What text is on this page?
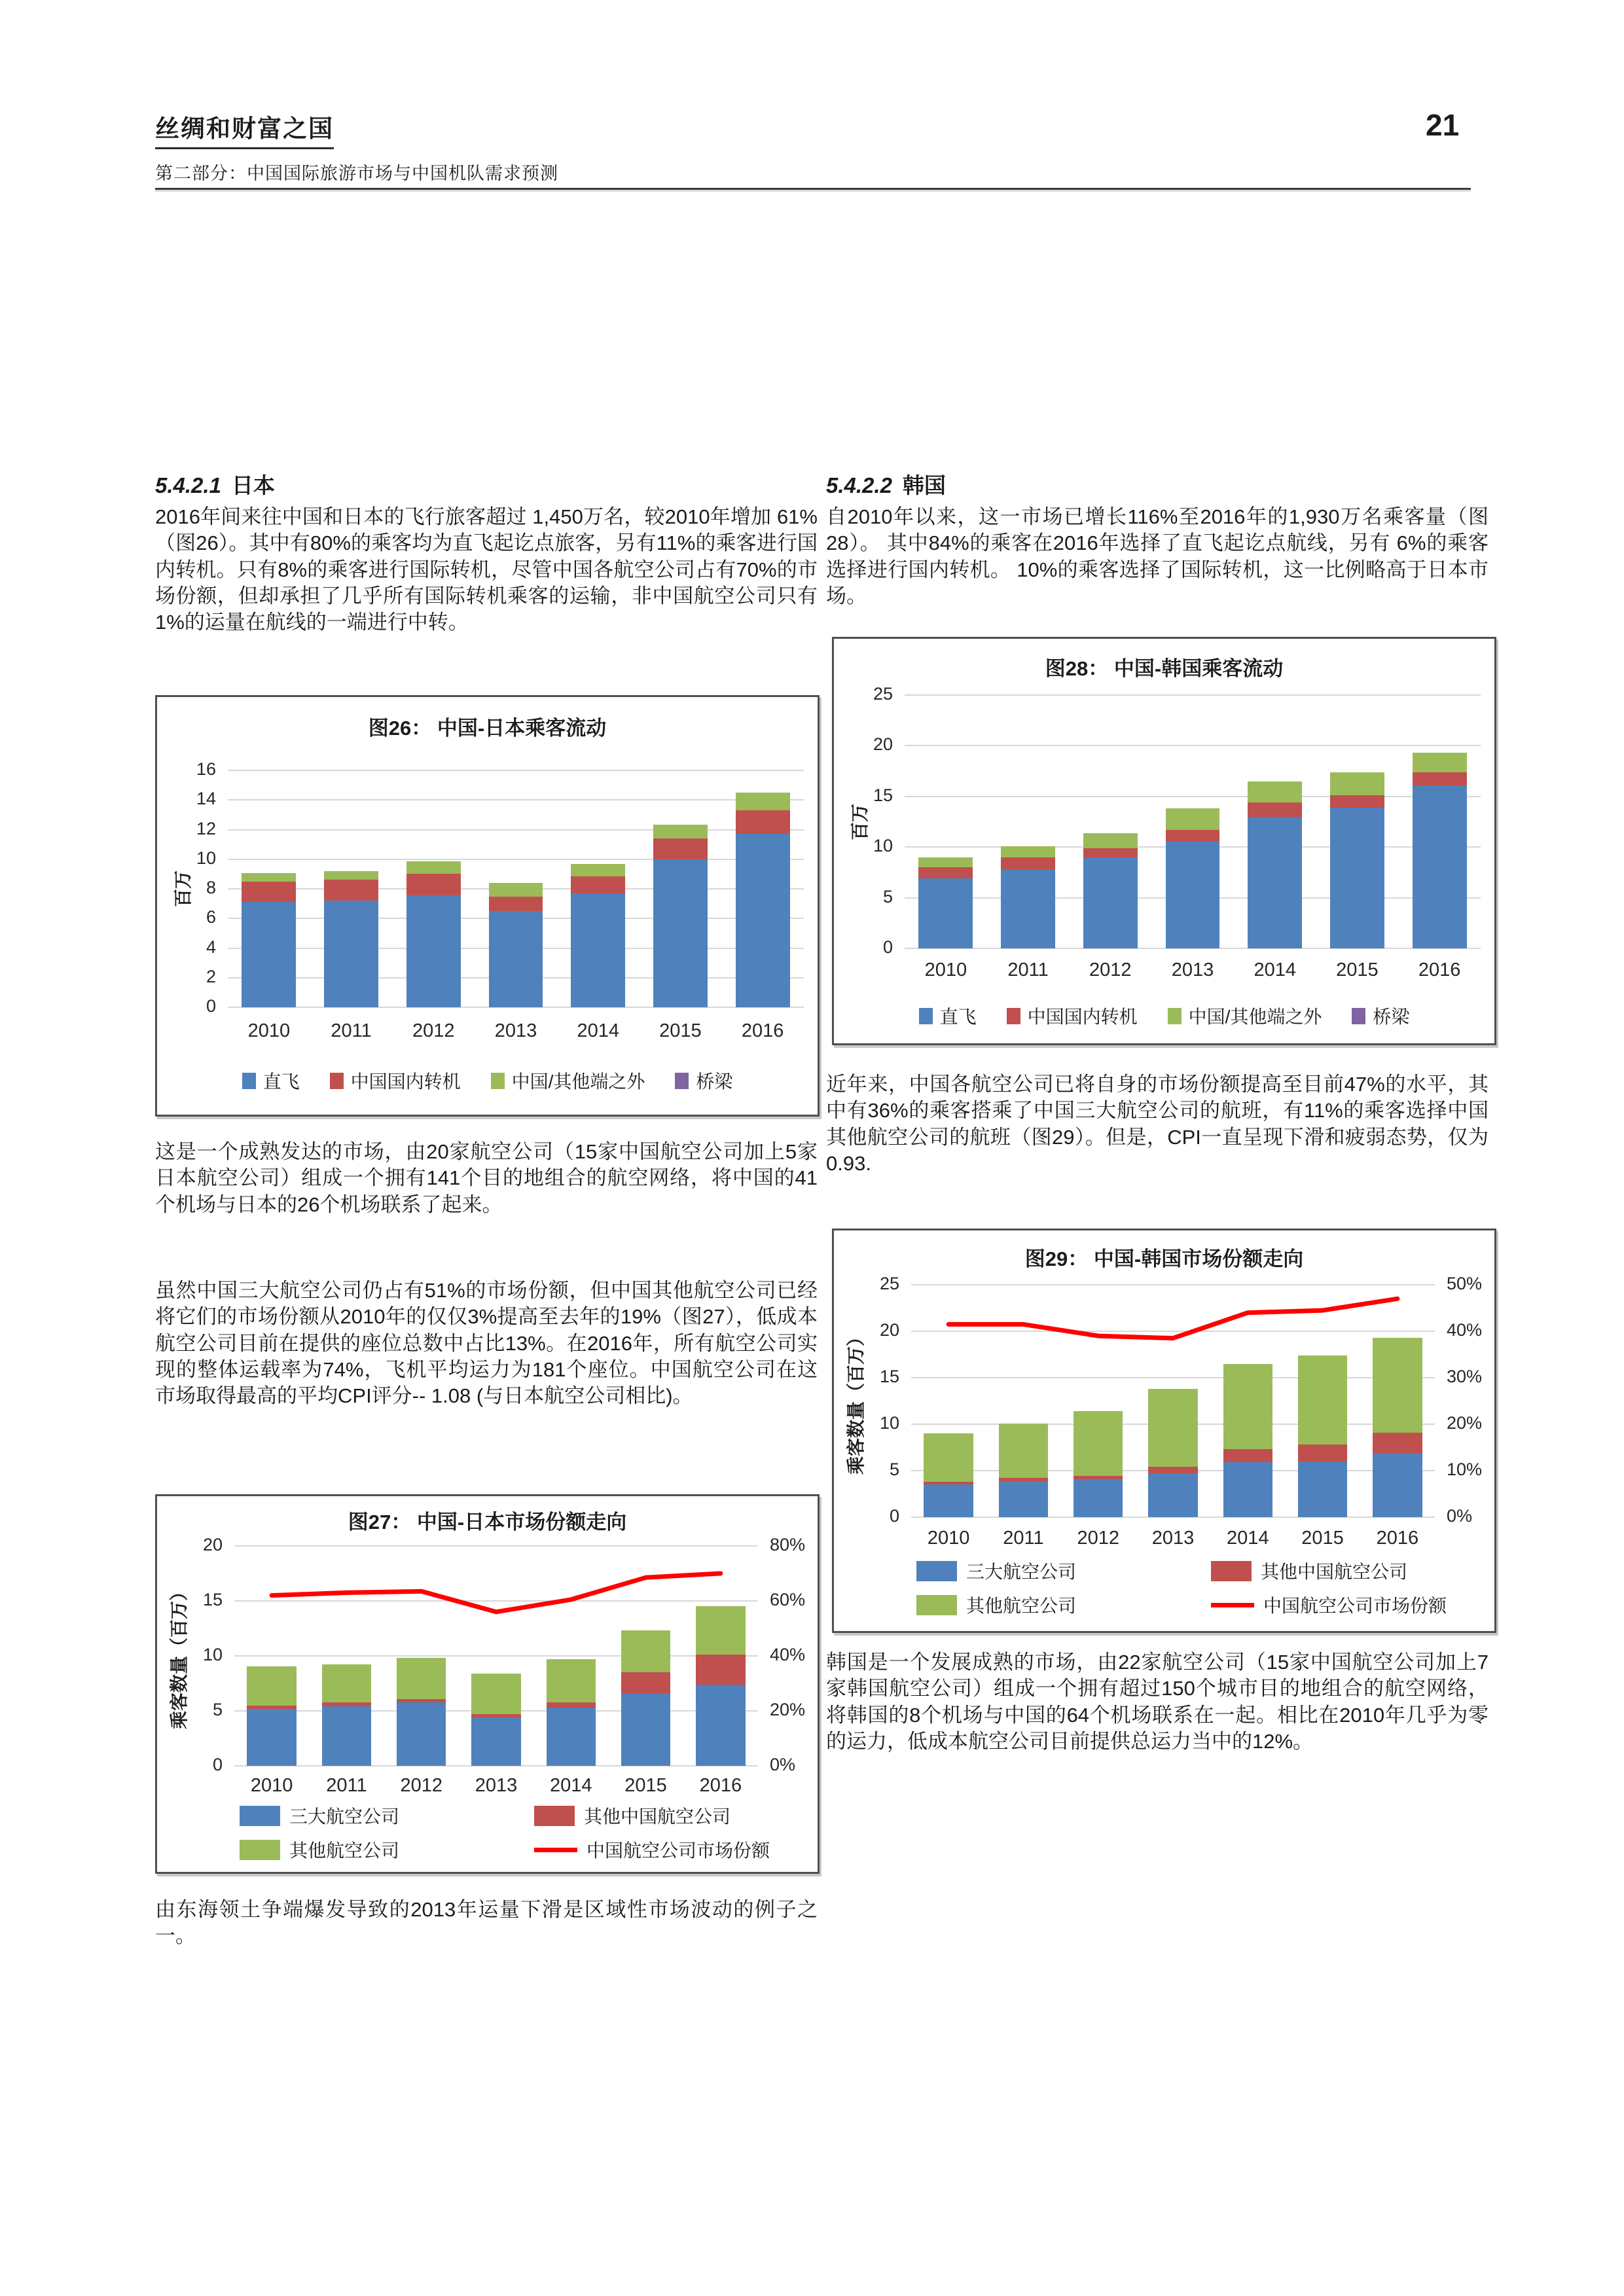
丝绸和财富之国	21
第二部分：中国国际旅游市场与中国机队需求预测
5.4.2.1 日本
2016年间来往中国和日本的飞行旅客超过 1,450万名，较2010年增加 61%（图26）。其中有80%的乘客均为直飞起讫点旅客，另有11%的乘客进行国内转机。只有8%的乘客进行国际转机，尽管中国各航空公司占有70%的市场份额，但却承担了几乎所有国际转机乘客的运输，非中国航空公司只有 1%的运量在航线的一端进行中转。
图26： 中国-日本乘客流动
0
2
4
6
8
10
12
14
16
2010	2011	2012	2013	2014	2015	2016
百万
直飞	中国国内转机	中国/其他端之外	桥梁
这是一个成熟发达的市场，由20家航空公司（15家中国航空公司加上5家日本航空公司）组成一个拥有141个目的地组合的航空网络，将中国的41个机场与日本的26个机场联系了起来。
虽然中国三大航空公司仍占有51%的市场份额，但中国其他航空公司已经将它们的市场份额从2010年的仅仅3%提高至去年的19%（图27），低成本航空公司目前在提供的座位总数中占比13%。在2016年，所有航空公司实现的整体运载率为74%，飞机平均运力为181个座位。中国航空公司在这市场取得最高的平均CPI评分-- 1.08 (与日本航空公司相比)。
图27： 中国-日本市场份额走向
0	0%
5	20%
10	40%
15	60%
20	80%
2010	2011	2012	2013	2014	2015	2016
乘客数量（百万）
三大航空公司	其他中国航空公司
其他航空公司	中国航空公司市场份额
由东海领土争端爆发导致的2013年运量下滑是区域性市场波动的例子之一。
5.4.2.2 韩国
自2010年以来，这一市场已增长116%至2016年的1,930万名乘客量（图28）。 其中84%的乘客在2016年选择了直飞起讫点航线，另有 6%的乘客选择进行国内转机。 10%的乘客选择了国际转机，这一比例略高于日本市场。
图28： 中国-韩国乘客流动
0
5
10
15
20
25
2010	2011	2012	2013	2014	2015	2016
百万
直飞	中国国内转机	中国/其他端之外	桥梁
近年来，中国各航空公司已将自身的市场份额提高至目前47%的水平，其中有36%的乘客搭乘了中国三大航空公司的航班，有11%的乘客选择中国其他航空公司的航班（图29）。但是，CPI一直呈现下滑和疲弱态势，仅为0.93.
图29： 中国-韩国市场份额走向
0	0%
5	10%
10	20%
15	30%
20	40%
25	50%
2010	2011	2012	2013	2014	2015	2016
乘客数量（百万）
三大航空公司	其他中国航空公司
其他航空公司	中国航空公司市场份额
韩国是一个发展成熟的市场，由22家航空公司（15家中国航空公司加上7家韩国航空公司）组成一个拥有超过150个城市目的地组合的航空网络，将韩国的8个机场与中国的64个机场联系在一起。相比在2010年几乎为零的运力，低成本航空公司目前提供总运力当中的12%。
